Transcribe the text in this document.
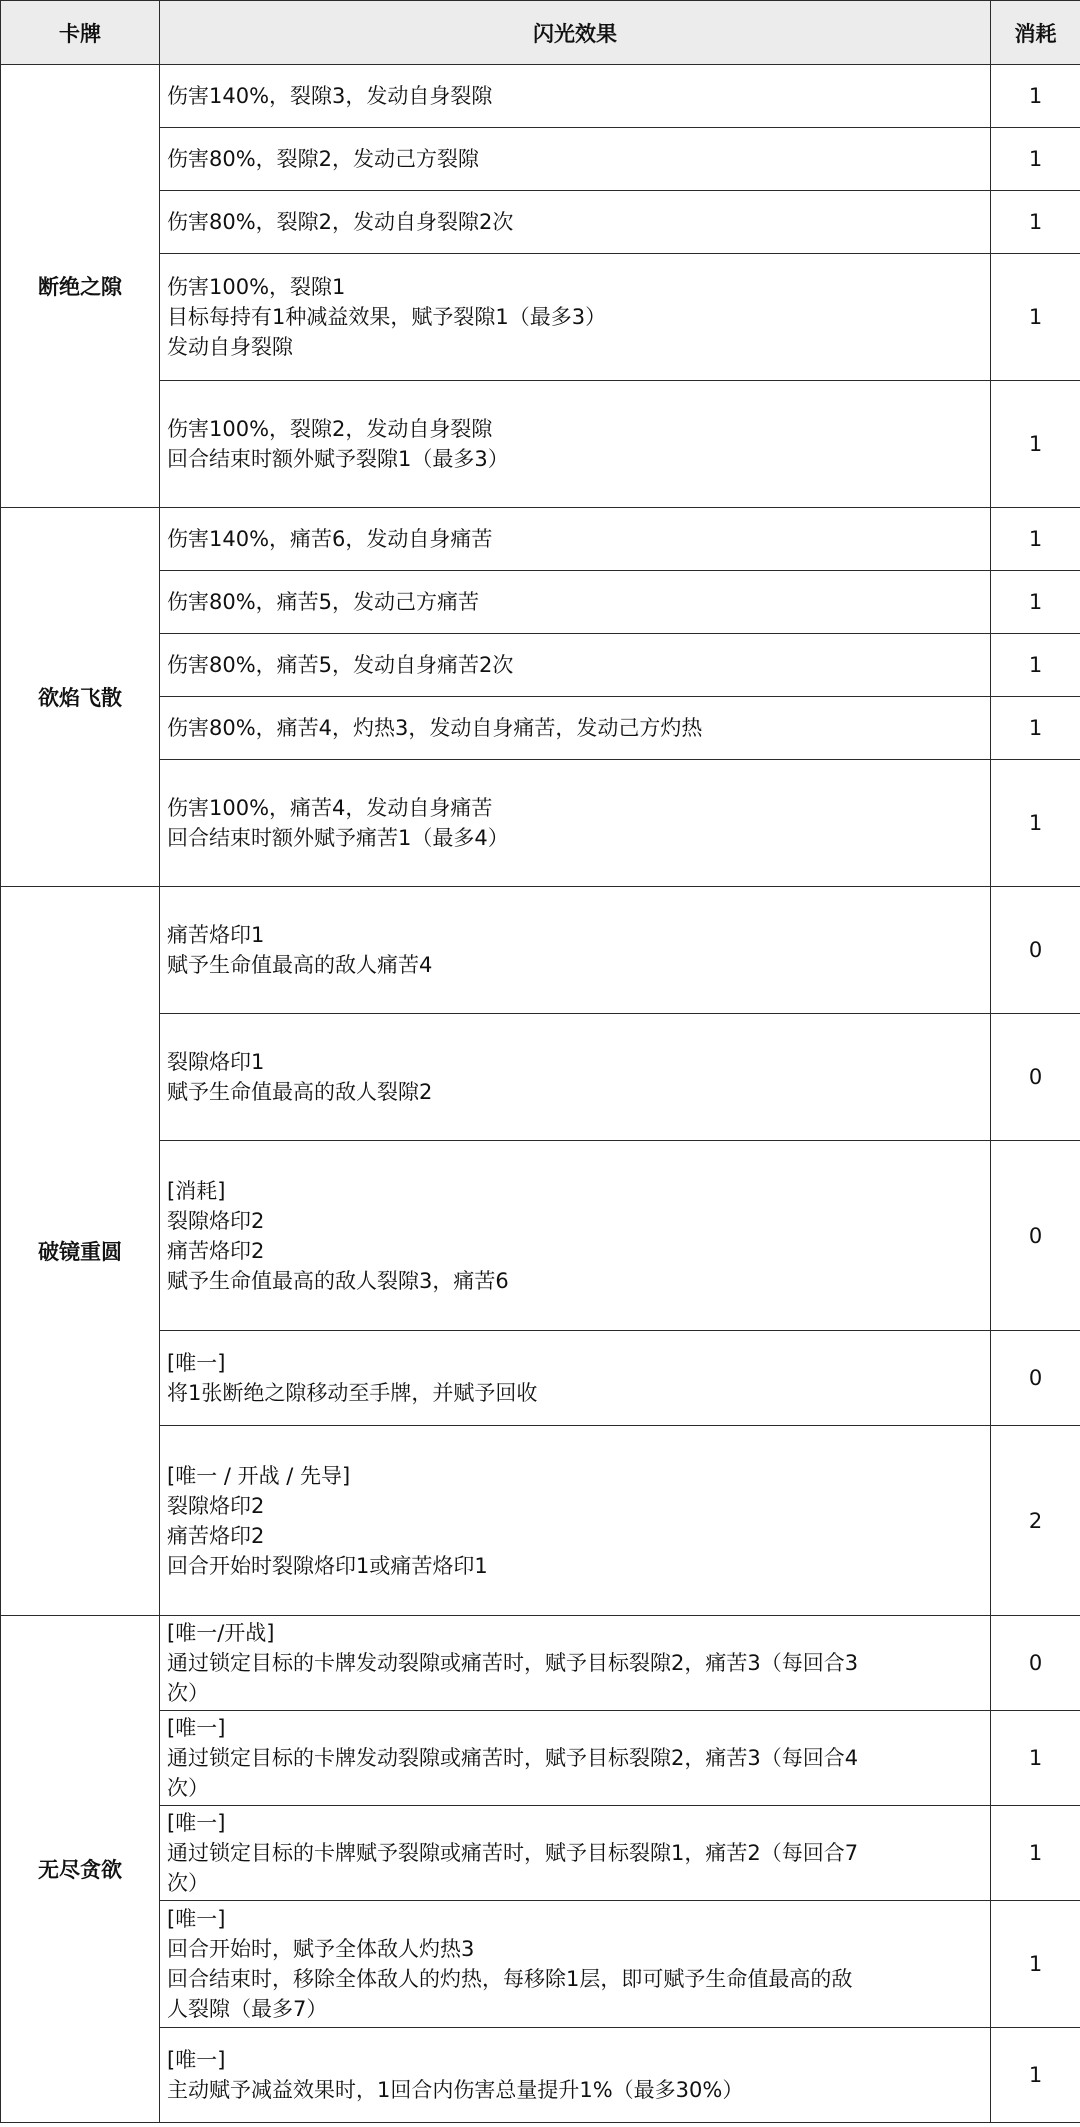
卡牌	闪光效果	消耗
断绝之隙	伤害140%，裂隙3，发动自身裂隙	1

	伤害80%，裂隙2，发动己方裂隙	1

	伤害80%，裂隙2，发动自身裂隙2次	1

	伤害100%，裂隙1
目标每持有1种减益效果，赋予裂隙1（最多3）
发动自身裂隙	1

	伤害100%，裂隙2，发动自身裂隙
回合结束时额外赋予裂隙1（最多3）	1
欲焰飞散	伤害140%，痛苦6，发动自身痛苦	1

	伤害80%，痛苦5，发动己方痛苦	1

	伤害80%，痛苦5，发动自身痛苦2次	1

	伤害80%，痛苦4，灼热3，发动自身痛苦，发动己方灼热	1

	伤害100%，痛苦4，发动自身痛苦
回合结束时额外赋予痛苦1（最多4）	1
破镜重圆	痛苦烙印1
赋予生命值最高的敌人痛苦4	0

	裂隙烙印1
赋予生命值最高的敌人裂隙2	0

	[消耗]
裂隙烙印2
痛苦烙印2
赋予生命值最高的敌人裂隙3，痛苦6	0

	[唯一]
将1张断绝之隙移动至手牌，并赋予回收	0

	[唯一 / 开战 / 先导]
裂隙烙印2
痛苦烙印2
回合开始时裂隙烙印1或痛苦烙印1	2
无尽贪欲	[唯一/开战]
通过锁定目标的卡牌发动裂隙或痛苦时，赋予目标裂隙2，痛苦3（每回合3
次）	0

	[唯一]
通过锁定目标的卡牌发动裂隙或痛苦时，赋予目标裂隙2，痛苦3（每回合4
次）	1

	[唯一]
通过锁定目标的卡牌赋予裂隙或痛苦时，赋予目标裂隙1，痛苦2（每回合7
次）	1

	[唯一]
回合开始时，赋予全体敌人灼热3
回合结束时，移除全体敌人的灼热，每移除1层，即可赋予生命值最高的敌
人裂隙（最多7）	1

	[唯一]
主动赋予减益效果时，1回合内伤害总量提升1%（最多30%）	1
